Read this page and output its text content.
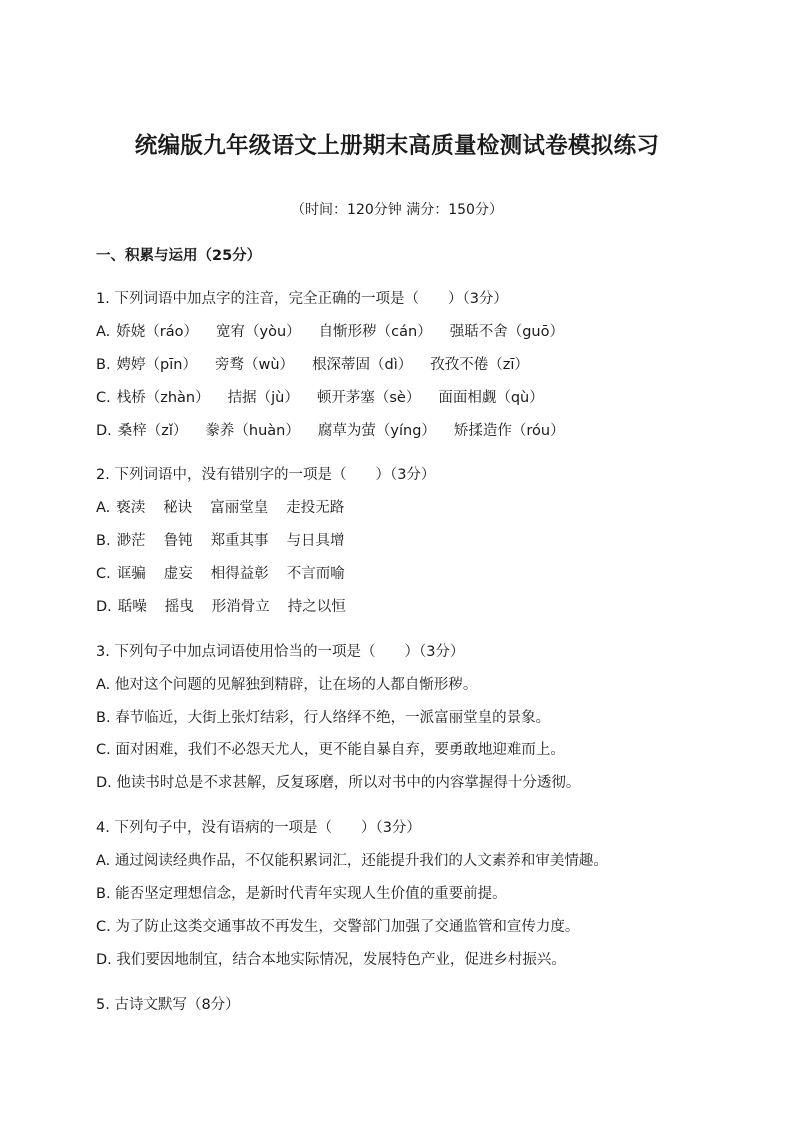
统编版九年级语文上册期末高质量检测试卷模拟练习
（时间：120分钟 满分：150分）
一、积累与运用（25分）
1. 下列词语中加点字的注音，完全正确的一项是（　　）（3分）
A. 娇娆（ráo） 宽宥（yòu） 自惭形秽（cán） 强聒不舍（guō）
B. 娉婷（pīn） 旁骛（wù） 根深蒂固（dì） 孜孜不倦（zī）
C. 栈桥（zhàn） 拮据（jù） 顿开茅塞（sè） 面面相觑（qù）
D. 桑梓（zǐ） 豢养（huàn） 腐草为萤（yíng） 矫揉造作（róu）
2. 下列词语中，没有错别字的一项是（　　）（3分）
A. 亵渎 秘诀 富丽堂皇 走投无路
B. 渺茫 鲁钝 郑重其事 与日具增
C. 诓骗 虚妄 相得益彰 不言而喻
D. 聒噪 摇曳 形消骨立 持之以恒
3. 下列句子中加点词语使用恰当的一项是（　　）（3分）
A. 他对这个问题的见解独到精辟，让在场的人都自惭形秽。
B. 春节临近，大街上张灯结彩，行人络绎不绝，一派富丽堂皇的景象。
C. 面对困难，我们不必怨天尤人，更不能自暴自弃，要勇敢地迎难而上。
D. 他读书时总是不求甚解，反复琢磨，所以对书中的内容掌握得十分透彻。
4. 下列句子中，没有语病的一项是（　　）（3分）
A. 通过阅读经典作品，不仅能积累词汇，还能提升我们的人文素养和审美情趣。
B. 能否坚定理想信念，是新时代青年实现人生价值的重要前提。
C. 为了防止这类交通事故不再发生，交警部门加强了交通监管和宣传力度。
D. 我们要因地制宜，结合本地实际情况，发展特色产业，促进乡村振兴。
5. 古诗文默写（8分）
